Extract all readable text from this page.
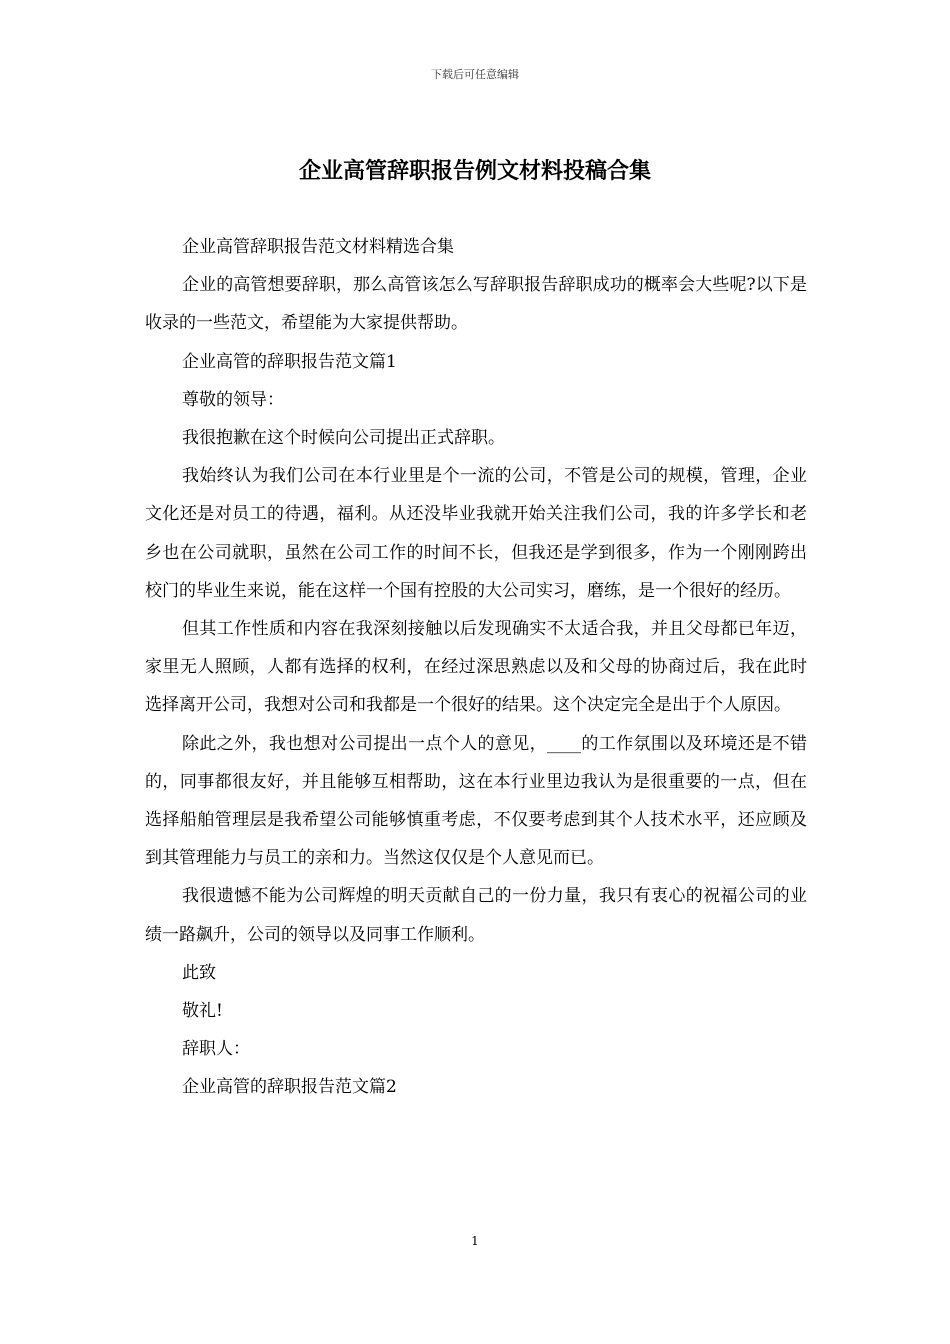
下载后可任意编辑
企业高管辞职报告例文材料投稿合集

企业高管辞职报告范文材料精选合集

企业的高管想要辞职，那么高管该怎么写辞职报告辞职成功的概率会大些呢?以下是收录的一些范文，希望能为大家提供帮助。

企业高管的辞职报告范文篇1

尊敬的领导：

我很抱歉在这个时候向公司提出正式辞职。

我始终认为我们公司在本行业里是个一流的公司，不管是公司的规模，管理，企业文化还是对员工的待遇，福利。从还没毕业我就开始关注我们公司，我的许多学长和老乡也在公司就职，虽然在公司工作的时间不长，但我还是学到很多，作为一个刚刚跨出校门的毕业生来说，能在这样一个国有控股的大公司实习，磨练，是一个很好的经历。

但其工作性质和内容在我深刻接触以后发现确实不太适合我，并且父母都已年迈，家里无人照顾，人都有选择的权利，在经过深思熟虑以及和父母的协商过后，我在此时选择离开公司，我想对公司和我都是一个很好的结果。这个决定完全是出于个人原因。

除此之外，我也想对公司提出一点个人的意见，____的工作氛围以及环境还是不错的，同事都很友好，并且能够互相帮助，这在本行业里边我认为是很重要的一点，但在选择船舶管理层是我希望公司能够慎重考虑，不仅要考虑到其个人技术水平，还应顾及到其管理能力与员工的亲和力。当然这仅仅是个人意见而已。

我很遗憾不能为公司辉煌的明天贡献自己的一份力量，我只有衷心的祝福公司的业绩一路飙升，公司的领导以及同事工作顺利。

此致

敬礼!

辞职人：

企业高管的辞职报告范文篇2

1
